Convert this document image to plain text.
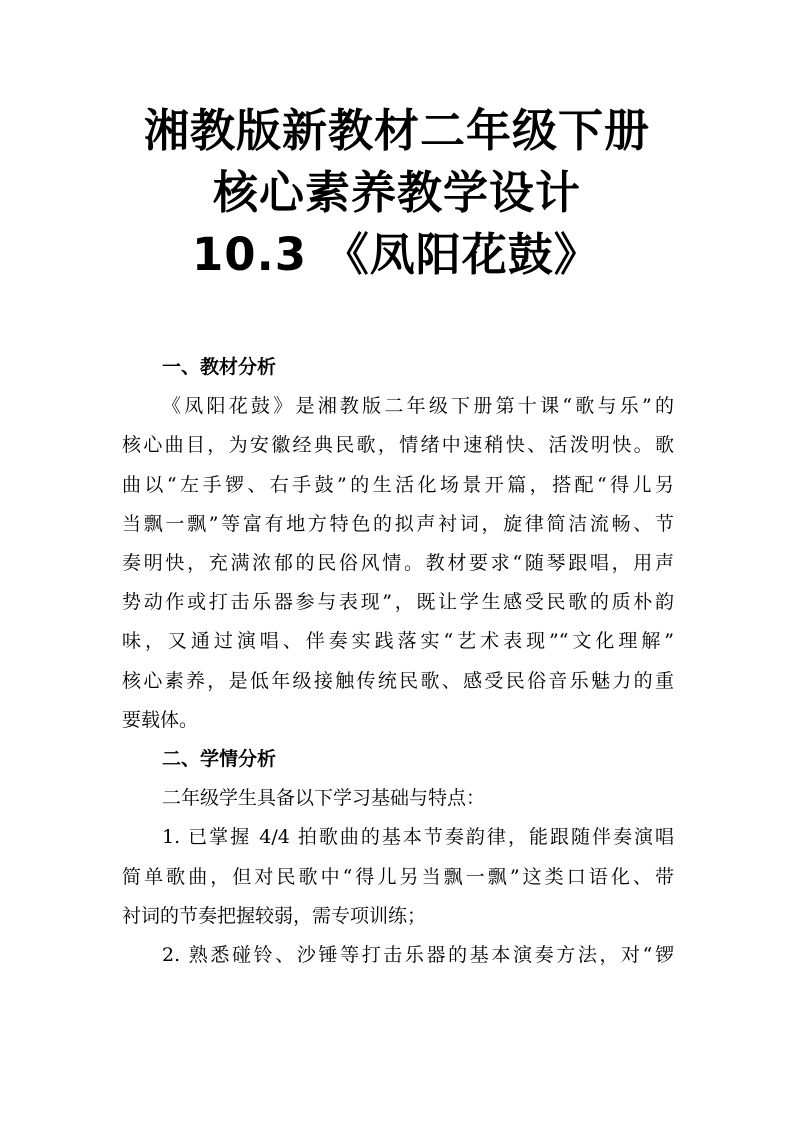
湘教版新教材二年级下册
核心素养教学设计
10.3 《凤阳花鼓》
一、教材分析
《凤阳花鼓》是湘教版二年级下册第十课“歌与乐”的
核心曲目，为安徽经典民歌，情绪中速稍快、活泼明快。歌
曲以“左手锣、右手鼓”的生活化场景开篇，搭配“得儿另
当飘一飘”等富有地方特色的拟声衬词，旋律简洁流畅、节
奏明快，充满浓郁的民俗风情。教材要求“随琴跟唱，用声
势动作或打击乐器参与表现”，既让学生感受民歌的质朴韵
味，又通过演唱、伴奏实践落实“艺术表现”“文化理解”
核心素养，是低年级接触传统民歌、感受民俗音乐魅力的重
要载体。
二、学情分析
二年级学生具备以下学习基础与特点：
1. 已掌握 4/4 拍歌曲的基本节奏韵律，能跟随伴奏演唱
简单歌曲，但对民歌中“得儿另当飘一飘”这类口语化、带
衬词的节奏把握较弱，需专项训练；
2. 熟悉碰铃、沙锤等打击乐器的基本演奏方法，对“锣
